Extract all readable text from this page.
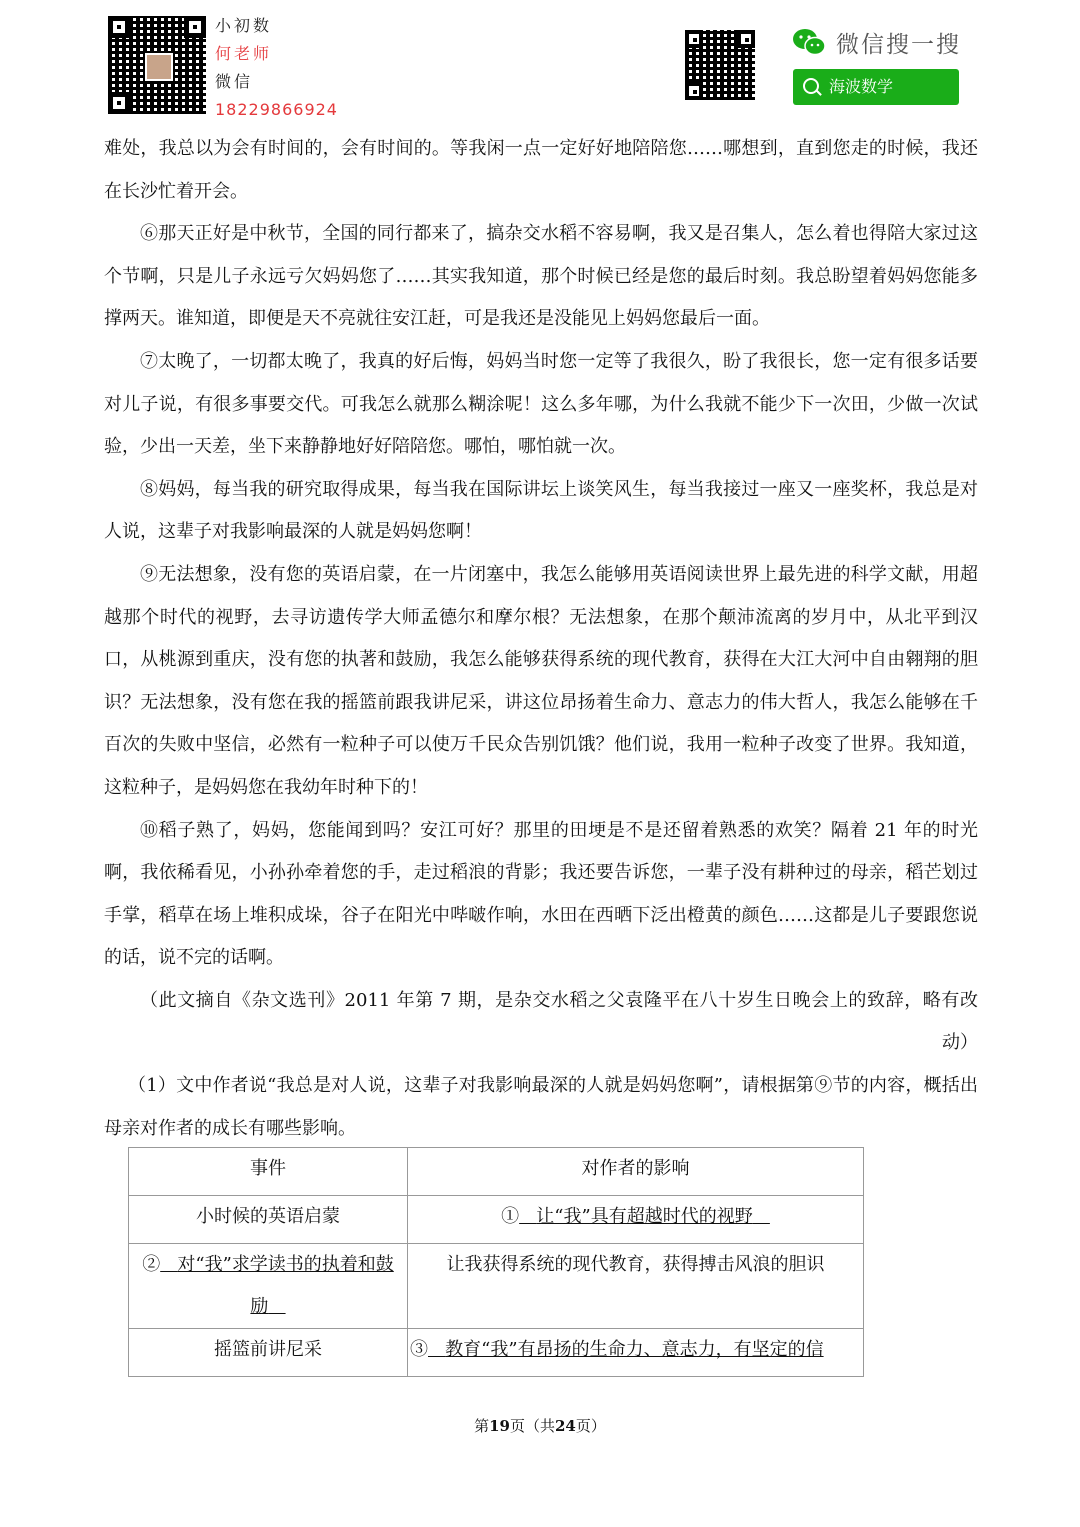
小初数
何老师
微信
18229866924
微信搜一搜
海波数学

难处，我总以为会有时间的，会有时间的。等我闲一点一定好好地陪陪您……哪想到，直到您走的时候，我还在长沙忙着开会。

⑥那天正好是中秋节，全国的同行都来了，搞杂交水稻不容易啊，我又是召集人，怎么着也得陪大家过这个节啊，只是儿子永远亏欠妈妈您了……其实我知道，那个时候已经是您的最后时刻。我总盼望着妈妈您能多撑两天。谁知道，即便是天不亮就往安江赶，可是我还是没能见上妈妈您最后一面。

⑦太晚了，一切都太晚了，我真的好后悔，妈妈当时您一定等了我很久，盼了我很长，您一定有很多话要对儿子说，有很多事要交代。可我怎么就那么糊涂呢！这么多年哪，为什么我就不能少下一次田，少做一次试验，少出一天差，坐下来静静地好好陪陪您。哪怕，哪怕就一次。

⑧妈妈，每当我的研究取得成果，每当我在国际讲坛上谈笑风生，每当我接过一座又一座奖杯，我总是对人说，这辈子对我影响最深的人就是妈妈您啊！

⑨无法想象，没有您的英语启蒙，在一片闭塞中，我怎么能够用英语阅读世界上最先进的科学文献，用超越那个时代的视野，去寻访遗传学大师孟德尔和摩尔根？无法想象，在那个颠沛流离的岁月中，从北平到汉口，从桃源到重庆，没有您的执著和鼓励，我怎么能够获得系统的现代教育，获得在大江大河中自由翱翔的胆识？无法想象，没有您在我的摇篮前跟我讲尼采，讲这位昂扬着生命力、意志力的伟大哲人，我怎么能够在千百次的失败中坚信，必然有一粒种子可以使万千民众告别饥饿？他们说，我用一粒种子改变了世界。我知道，这粒种子，是妈妈您在我幼年时种下的！

⑩稻子熟了，妈妈，您能闻到吗？安江可好？那里的田埂是不是还留着熟悉的欢笑？隔着 21 年的时光啊，我依稀看见，小孙孙牵着您的手，走过稻浪的背影；我还要告诉您，一辈子没有耕种过的母亲，稻芒划过手掌，稻草在场上堆积成垛，谷子在阳光中哔啵作响，水田在西晒下泛出橙黄的颜色……这都是儿子要跟您说的话，说不完的话啊。

（此文摘自《杂文选刊》2011 年第 7 期，是杂交水稻之父袁隆平在八十岁生日晚会上的致辞，略有改动）

（1）文中作者说“我总是对人说，这辈子对我影响最深的人就是妈妈您啊”，请根据第⑨节的内容，概括出母亲对作者的成长有哪些影响。

事件	对作者的影响
小时候的英语启蒙	① 让“我”具有超越时代的视野
② 对“我”求学读书的执着和鼓励	让我获得系统的现代教育，获得搏击风浪的胆识
摇篮前讲尼采	③ 教育“我”有昂扬的生命力、意志力，有坚定的信
第19页（共24页）
